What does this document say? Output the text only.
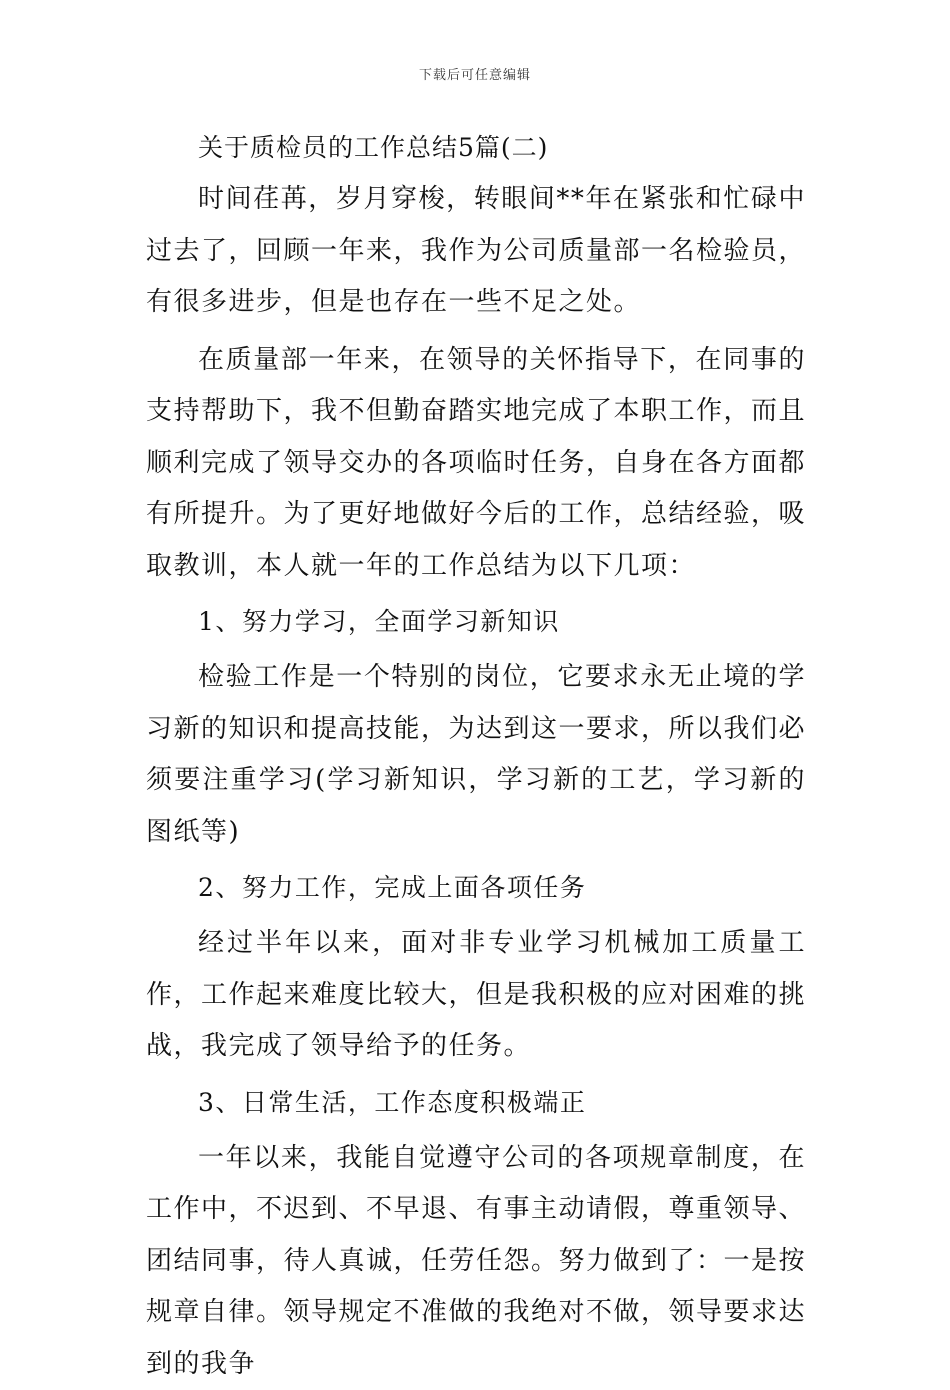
下载后可任意编辑
关于质检员的工作总结5篇(二)

时间荏苒，岁月穿梭，转眼间**年在紧张和忙碌中过去了，回顾一年来，我作为公司质量部一名检验员，有很多进步，但是也存在一些不足之处。

在质量部一年来，在领导的关怀指导下，在同事的支持帮助下，我不但勤奋踏实地完成了本职工作，而且顺利完成了领导交办的各项临时任务，自身在各方面都有所提升。为了更好地做好今后的工作，总结经验，吸取教训，本人就一年的工作总结为以下几项：

1、努力学习，全面学习新知识

检验工作是一个特别的岗位，它要求永无止境的学习新的知识和提高技能，为达到这一要求，所以我们必须要注重学习(学习新知识，学习新的工艺，学习新的图纸等)

2、努力工作，完成上面各项任务

经过半年以来，面对非专业学习机械加工质量工作，工作起来难度比较大，但是我积极的应对困难的挑战，我完成了领导给予的任务。

3、日常生活，工作态度积极端正

一年以来，我能自觉遵守公司的各项规章制度，在工作中，不迟到、不早退、有事主动请假，尊重领导、团结同事，待人真诚，任劳任怨。努力做到了：一是按规章自律。领导规定不准做的我绝对不做，领导要求达到的我争
